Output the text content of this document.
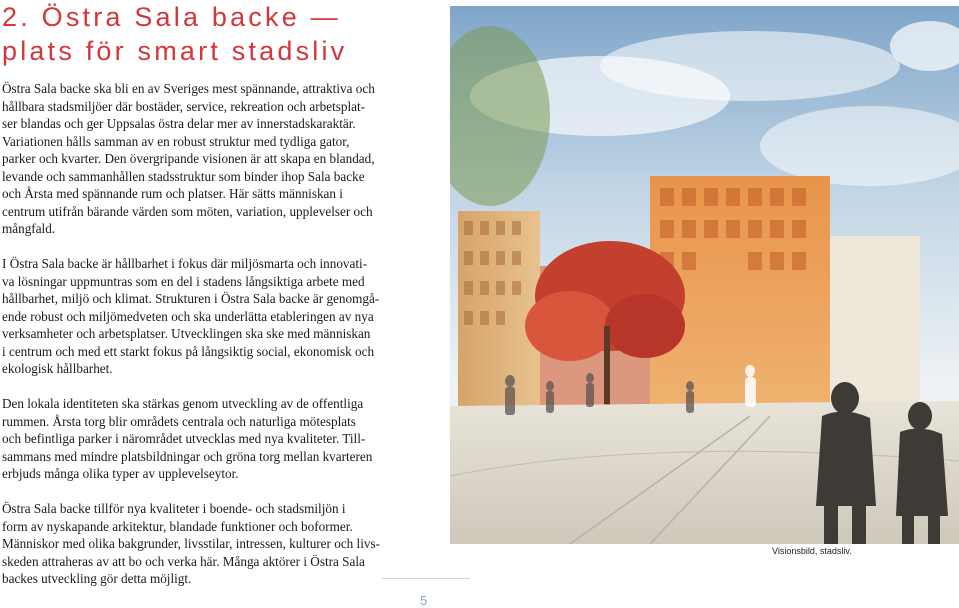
2. Östra Sala backe —
plats för smart stadsliv

Östra Sala backe ska bli en av Sveriges mest spännande, attraktiva och
hållbara stadsmiljöer där bostäder, service, rekreation och arbetsplat-
ser blandas och ger Uppsalas östra delar mer av innerstadskaraktär.
Variationen hålls samman av en robust struktur med tydliga gator,
parker och kvarter. Den övergripande visionen är att skapa en blandad,
levande och sammanhållen stadsstruktur som binder ihop Sala backe
och Årsta med spännande rum och platser. Här sätts människan i
centrum utifrån bärande värden som möten, variation, upplevelser och
mångfald.

I Östra Sala backe är hållbarhet i fokus där miljösmarta och innovati-
va lösningar uppmuntras som en del i stadens långsiktiga arbete med
hållbarhet, miljö och klimat. Strukturen i Östra Sala backe är genomgå-
ende robust och miljömedveten och ska underlätta etableringen av nya
verksamheter och arbetsplatser. Utvecklingen ska ske med människan
i centrum och med ett starkt fokus på långsiktig social, ekonomisk och
ekologisk hållbarhet.

Den lokala identiteten ska stärkas genom utveckling av de offentliga
rummen. Årsta torg blir områdets centrala och naturliga mötesplats
och befintliga parker i närområdet utvecklas med nya kvaliteter. Till-
sammans med mindre platsbildningar och gröna torg mellan kvarteren
erbjuds många olika typer av upplevelseytor.

Östra Sala backe tillför nya kvaliteter i boende- och stadsmiljön i
form av nyskapande arkitektur, blandade funktioner och boformer.
Människor med olika bakgrunder, livsstilar, intressen, kulturer och livs-
skeden attraheras av att bo och verka här. Många aktörer i Östra Sala
backes utveckling gör detta möjligt.

Visionsbild, stadsliv.
5
